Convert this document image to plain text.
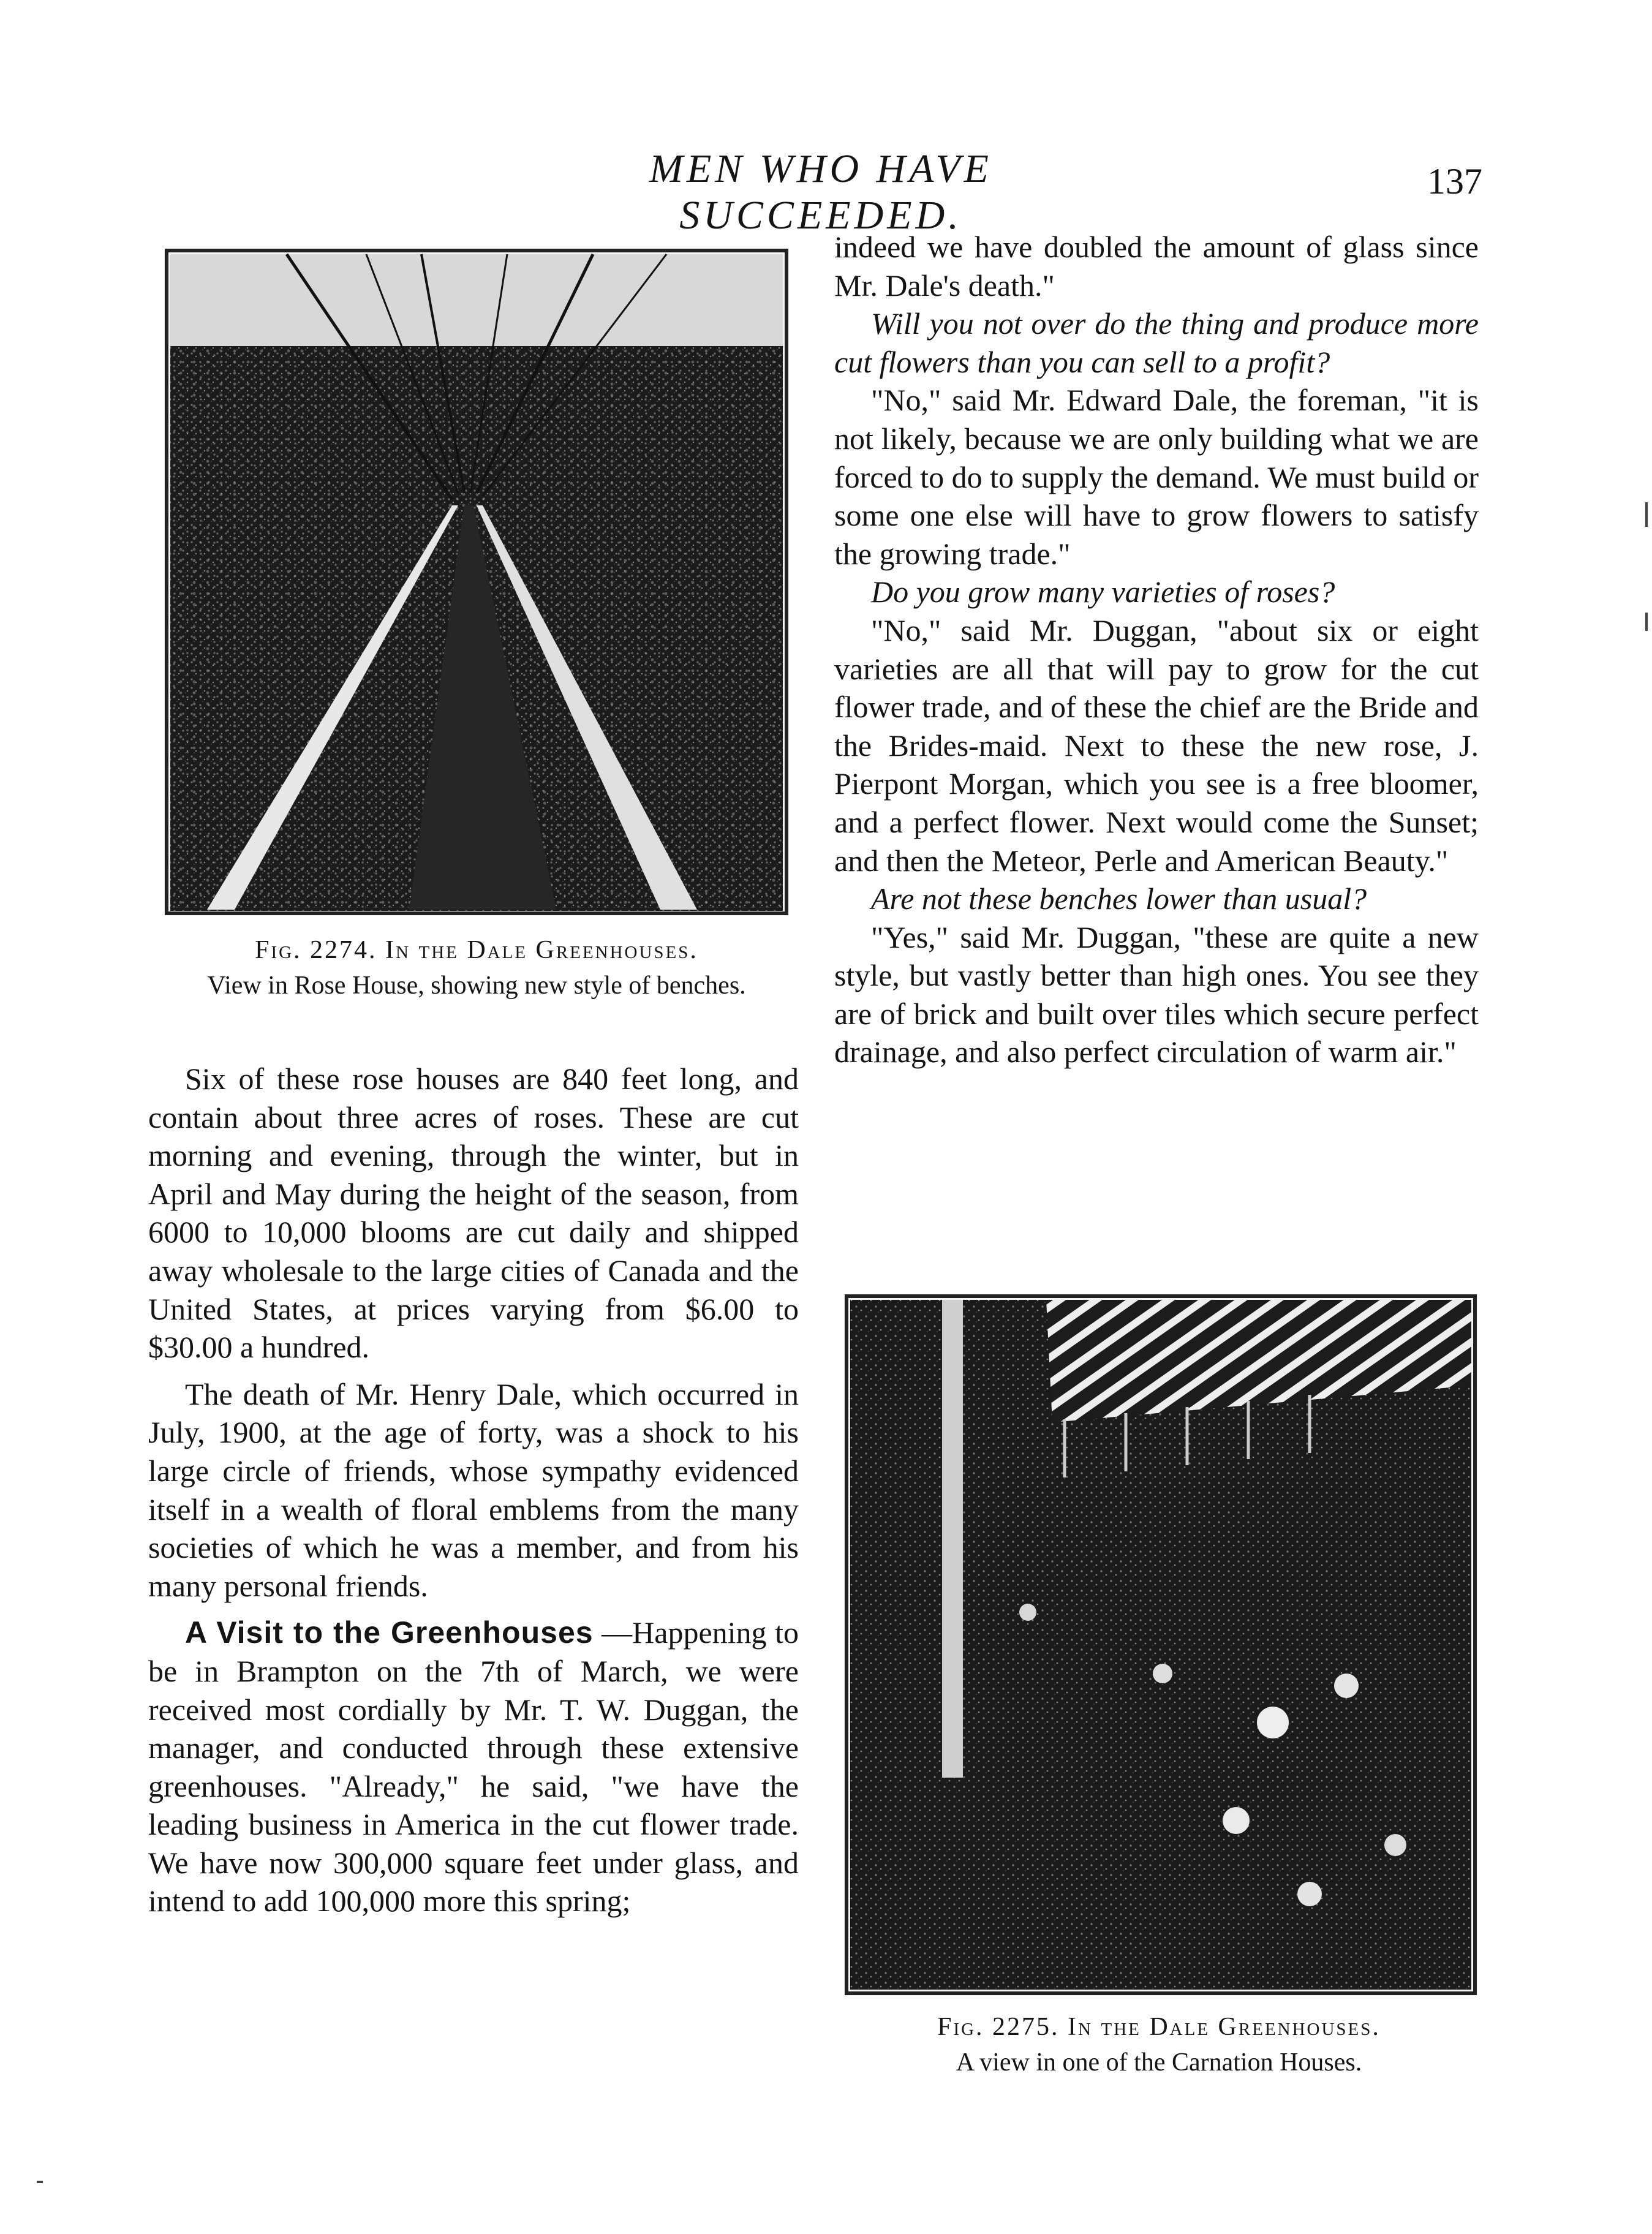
MEN WHO HAVE SUCCEEDED.
137
Fig. 2274. In the Dale Greenhouses.
View in Rose House, showing new style of benches.

Six of these rose houses are 840 feet long, and contain about three acres of roses. These are cut morning and evening, through the winter, but in April and May during the height of the season, from 6000 to 10,000 blooms are cut daily and shipped away wholesale to the large cities of Canada and the United States, at prices varying from $6.00 to $30.00 a hundred.

The death of Mr. Henry Dale, which occurred in July, 1900, at the age of forty, was a shock to his large circle of friends, whose sympathy evidenced itself in a wealth of floral emblems from the many societies of which he was a member, and from his many personal friends.

A Visit to the Greenhouses —Happening to be in Brampton on the 7th of March, we were received most cordially by Mr. T. W. Duggan, the manager, and conducted through these extensive greenhouses. "Already," he said, "we have the leading business in America in the cut flower trade. We have now 300,000 square feet under glass, and intend to add 100,000 more this spring;

indeed we have doubled the amount of glass since Mr. Dale's death."

Will you not over do the thing and produce more cut flowers than you can sell to a profit?

"No," said Mr. Edward Dale, the foreman, "it is not likely, because we are only building what we are forced to do to supply the demand. We must build or some one else will have to grow flowers to satisfy the growing trade."

Do you grow many varieties of roses?

"No," said Mr. Duggan, "about six or eight varieties are all that will pay to grow for the cut flower trade, and of these the chief are the Bride and the Brides-maid. Next to these the new rose, J. Pierpont Morgan, which you see is a free bloomer, and a perfect flower. Next would come the Sunset; and then the Meteor, Perle and American Beauty."

Are not these benches lower than usual?

"Yes," said Mr. Duggan, "these are quite a new style, but vastly better than high ones. You see they are of brick and built over tiles which secure perfect drainage, and also perfect circulation of warm air."

Fig. 2275. In the Dale Greenhouses.
A view in one of the Carnation Houses.
